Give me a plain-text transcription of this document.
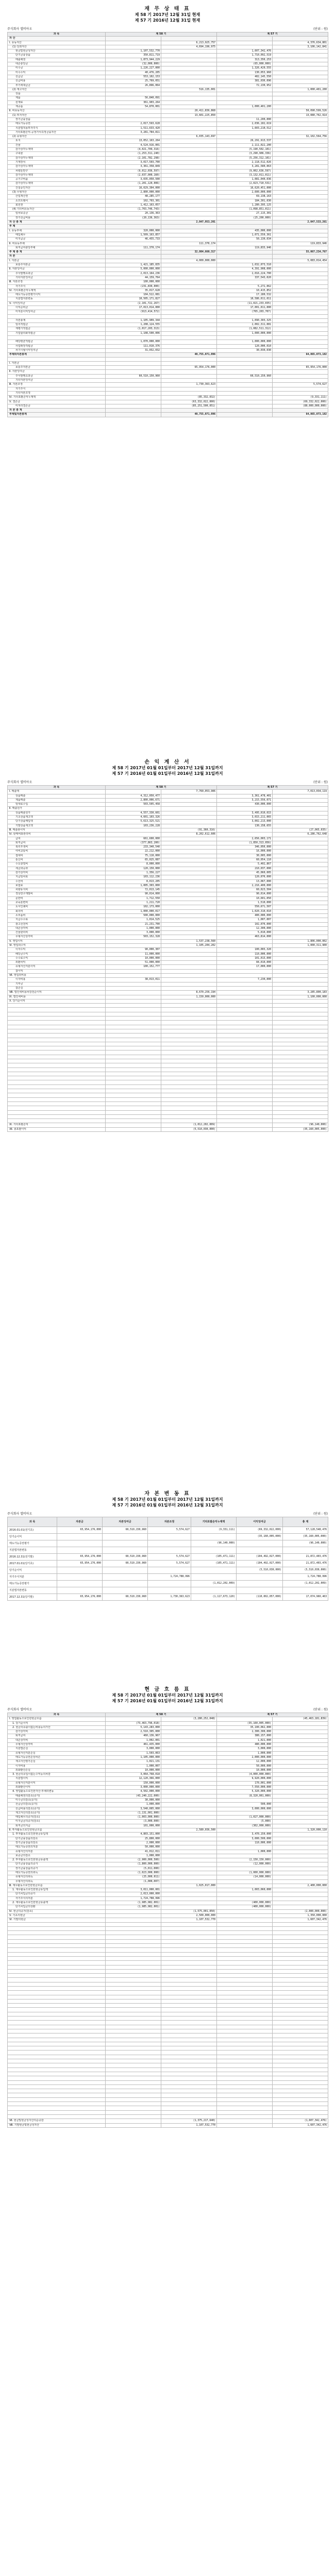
재 무 상 태 표
제 58 기 2017년 12월 31일 현재
제 57 기 2016년 12월 31일 현재
주식회사 엘비아오	(단위 : 원)
과 목	제 58 기		제 57 기	
자 산				
Ⅰ. 유동자산		6,213,925,757		4,376,634,801
(1) 당좌자산		4,694,196,975		3,106,142,841
현금및현금성자산	1,107,532,770		1,607,342,476	
단기금융상품	350,811,719		1,710,092,519	
매출채권	1,873,944,229		313,350,253	
대손충당금	(32,000,000)		(65,000,000)	
미수금	1,226,227,000		1,326,420,555	
미수수익	40,476,205		130,053,960	
선급금	553,102,153		402,145,550	
선급비용	25,769,051		381,030,096	
부가세대급금	26,896,064		72,130,952	
(2) 재고자산		516,135,001		1,000,401,200
상품				
제품	56,840,091			
원재료	361,903,264			
재공품	54,870,001		1,000,401,200	
Ⅱ. 비유동자산		20,411,836,868		50,090,599,526
(1) 투자자산		13,601,225,850		13,080,762,914
장기금융상품			11,200,000	
매도가능증권	2,017,593,628		2,036,102,619	
지분법적용투자주식	1,511,633,420		1,603,210,512	
기타포괄손익-공정가치측정금융자산	3,281,784,811			
(2) 유형자산		6,035,143,697		32,102,564,756
토지	13,052,163,264		26,291,913,537	
건물	4,524,916,001		2,111,022,200	
감가상각누계액	(4,021,709,316)		(5,190,502,101)	
구축물	(1,253,311,240)		(3,290,906,336)	
감가상각누계액	(2,101,782,298)		(5,256,312,101)	
기계장치	3,017,503,700		2,118,512,026	
감가상각누계액	3,361,358,849		3,281,580,063	
차량운반구	(9,012,036,597)		(9,002,636,597)	
감가상각누계액	(2,037,000,160)		(3,132,011,011)	
공기구비품	3,035,050,500		1,081,040,036	
감가상각누계액	(1,201,120,006)		(2,023,710,531)	
건설중인자산	16,029,304,000		16,620,451,000	
(3) 무형자산	2,800,000,000		2,600,000,000	
산업재산권	48,285,177		69,138,163	
소프트웨어	102,703,301		184,301,030	
회원권	1,412,163,057		1,280,395,125	
(4) 기타비유동자산	(1,703,746,743)		(1,098,851,011)	
임차보증금	20,136,363		27,115,301	
장기선급비용	(20,136,363)		(25,200,000)	
자 산 총 계		2,047,953,201		2,047,533,261
부 채				
Ⅰ. 유동부채	320,000,000		435,000,000	
매입채무	1,509,163,857		1,071,550,361	
미지급금	46,455,733		50,130,034	
Ⅱ. 비유동부채		111,370,174		119,833,946
퇴직급여충당부채	111,370,174		119,833,946	
부 채 총 계		32,804,660,317		55,067,234,767
자 본				
Ⅰ. 자본금		4,000,000,000		5,083,014,454
보통주자본금	1,421,185,835		1,032,073,510	
Ⅱ. 자본잉여금	5,000,000,000		4,391,908,000	
주식발행초과금	2,013,164,236		2,016,224,700	
기타자본잉여금	44,159,764		337,543,020	
Ⅲ. 자본조정	100,000,000			
자기주식	(231,830,000)		5,272,062	
Ⅳ. 기타포괄손익누계액	35,017,628		10,415,852	
매도가능증권평가이익	104,522,081		17,180,532	
지분법자본변동	10,505,171,827		10,586,011,011	
Ⅴ. 이익잉여금	(2,101,722,267)		(11,021,233,035)	
이익준비금	17,013,014,000		17,001,011,000	
미처분이익잉여금	(913,414,572)		(765,203,707)	

자본총계	1,105,909,344		1,090,303,325	
임의적립금	1,208,124,555		2,002,311,081	
재평가적립금	(1,017,203,313)		(1,082,511,312)	
기업합리화적립금	1,108,500,006		1,000,000,000	

배당평균적립금	1,070,000,000		1,000,000,000	
사업확장적립금	111,010,376		120,000,010	
차기이월이익잉여금	31,032,032		30,030,030	
부채와자본총계		40,755,071,096		64,865,073,182

Ⅰ. 자본금				
보통주자본금		65,954,176,000		65,954,176,000
Ⅱ. 자본잉여금				
주식발행초과금	60,510,150,960		60,510,150,960	
기타자본잉여금				
Ⅲ. 자본조정		1,730,363,623		5,574,627
자기주식				
기타자본조정				
Ⅳ. 기타포괄손익누계액		(85,332,032)		(9,331,111)
Ⅴ. 결손금		(63,332,022,000)		(69,332,022,000)
미처리결손금		(85,251,500,051)		(80,000,000,000)
자 본 총 계				
부채및자본총계		40,755,071,096		64,865,073,182
손 익 계 산 서
제 58 기 2017년 01월 01일부터 2017년 12월 31일까지
제 57 기 2016년 01월 01일부터 2016년 12월 31일까지
주식회사 엘비아오	(단위 : 원)
과 목	제 58 기		제 57 기	
Ⅰ. 매출액		7,760,053,906		7,013,034,119
상품매출	4,312,050,477		3,361,478,401	
제품매출	2,800,006,671		3,215,556,071	
임대료수입	503,505,458		430,000,000	
Ⅱ. 매출원가				
상품매출원가	4,557,330,601		3,495,010,015	
기초상품재고액	4,601,103,326		3,015,211,065	
당기상품매입액	5,613,325,521		3,002,213,000	
기말상품재고액	103,236,228		130,158,655	
Ⅲ. 매출총이익		(91,360,316)		(27,065,035)
Ⅳ. 판매비와관리비		8,202,612,606		6,286,762,648
급여	661,600,000		2,656,003,171	
퇴직급여	(377,863,200)		(1,850,313,056)	
복리후생비	233,340,540		346,050,000	
여비교통비	22,212,000		16,000,000	
접대비	75,110,000		30,005,000	
통신비	65,025,087		60,054,110	
수도광열비	8,000,000		5,402,867	
세금과공과	120,150,000		210,037,000	
감가상각비	1,356,227		45,060,005	
지급임차료	103,112,236		120,070,000	
수선비	8,013,205		13,067,000	
보험료	1,005,303,000		2,216,400,000	
차량유지비	72,013,145		60,023,504	
경상연구개발비	90,014,000		90,014,000	
운반비	1,712,550		10,601,050	
교육훈련비	1,211,720		1,510,000	
도서인쇄비	102,173,000		550,671,507	
회의비	1,000,000,017		1,020,310,010	
소모품비	500,000,000		400,000,000	
지급수수료	1,014,525		1,007,007	
광고선전비	21,231,700		102,070,000	
대손상각비	1,000,000		12,300,000	
건물관리비	3,000,000		5,010,000	
무형자산상각비	503,152,328		463,814,000	
Ⅴ. 영업이익		1,537,238,560		1,806,000,002
Ⅵ. 영업외수익		1,105,204,202		1,000,311,900
이자수익	90,000,307		100,003,320	
배당금수익	11,000,000		110,000,000	
수수료수익	10,000,000		101,013,000	
외환차익	51,000,000		84,010,000	
유형자산처분이익	100,152,777		17,000,000	
잡이익				
Ⅶ. 영업외비용				
이자비용	38,013,011		7,230,000	
기부금				
잡손실				
Ⅷ. 법인세비용차감전순이익		8,670,256,194		3,285,800,183
Ⅸ. 법인세비용		1,150,000,000		1,100,000,000
Ⅹ. 당기순이익				

Ⅺ. 기타포괄손익		(1,012,202,009)		(96,140,000)
Ⅻ. 총포괄이익		(5,510,030,000)		(35,160,005,000)
자 본 변 동 표
제 58 기 2017년 01월 01일부터 2017년 12월 31일까지
제 57 기 2016년 01월 01일부터 2016년 12월 31일까지
주식회사 엘비아오	(단위 : 원)
과 목	자본금	자본잉여금	자본조정	기타포괄손익누계액	이익잉여금	총 계
2016.01.01(전기초)	65,954,176,000	60,510,150,960	5,574,627	(9,331,111)	(69,332,022,000)	57,128,548,476
당기순이익					(35,160,005,000)	(35,160,005,000)
매도가능증권평가				(96,140,000)		(96,140,000)
지분법자본변동						
2016.12.31(전기말)	65,954,176,000	60,510,150,960	5,574,627	(105,471,111)	(104,492,027,000)	21,872,403,476
2017.01.01(당기초)	65,954,176,000	60,510,150,960	5,574,627	(105,471,111)	(104,492,027,000)	21,872,403,476
당기순이익					(5,510,030,000)	(5,510,030,000)
자기주식처분			1,724,788,996			1,724,788,996
매도가능증권평가				(1,012,202,009)		(1,012,202,009)
지분법자본변동						
2017.12.31(당기말)	65,954,176,000	60,510,150,960	1,730,363,623	(1,117,673,120)	(110,002,057,000)	17,074,960,463
현 금 흐 름 표
제 58 기 2017년 01월 01일부터 2017년 12월 31일까지
제 57 기 2016년 01월 01일부터 2016년 12월 31일까지
주식회사 엘비아오	(단위 : 원)
과 목	제 58 기		제 57 기	
Ⅰ. 영업활동으로인한현금흐름		(3,280,252,048)		(45,463,181,839)
1. 당기순이익	(73,463,796,018)		(35,160,005,000)	
2. 현금의유출이없는비용등의가산	5,143,283,000		35,100,062,000	
감가상각비	2,510,305,000		2,300,300,000	
퇴직급여	460,136,967		380,157,000	
대손상각비	1,002,001		1,021,000	
무형자산상각비	461,435,000		480,000,000	
지분법손실	3,000,000		3,000,000	
유형자산처분손실	1,503,063		1,000,000	
매도가능증권손상차손	1,105,000,000		2,000,000,000	
재고자산평가손실	1,021,131		12,000,000	
이자비용	1,000,007		50,000,000	
외화환산손실	10,000,000		10,000,000	
3. 현금의유입이없는수익등의차감	3,064,768,018		(4,000,000,000)	
지분법이익	12,120,366,000		9,920,000,000	
유형자산처분이익	150,000,000		170,001,000	
외화환산이익	3,000,000,000		7,550,000,000	
4. 영업활동으로인한자산·부채의변동	4,502,000,000		5,320,000,000	
매출채권의감소(증가)	(43,240,222,000)		(8,320,001,000)	
미수금의감소(증가)	30,000,000			
선급금의감소(증가)	1,000,000		500,000	
선급비용의감소(증가)	3,540,005,000		3,000,000,000	
재고자산의감소(증가)	(1,131,001,000)			
매입채무의증가(감소)	(1,003,000,000)		(1,027,000,000)	
미지급금의증가(감소)	(3,000,000)		(5,000)	
퇴직금의지급	101,000,000		(302,000,000)	
Ⅱ. 투자활동으로인한현금흐름		2,580,036,500		1,320,000,110
1. 투자활동으로인한현금유입액	4,803,151,000		3,470,150,000	
단기금융상품의감소	25,800,000		3,000,500,000	
장기금융상품의감소	2,000,000		110,000,000	
매도가능증권의처분	50,000,000			
유형자산의처분	41,012,011		1,000,000	
보증금의감소	1,000,000			
2. 투자활동으로인한현금유출액	(2,900,000,500)		(2,150,150,000)	
단기금융상품의증가	(1,800,000,000)		(12,000,000)	
장기금융상품의증가	(5,011,000)			
매도가능증권의취득	(1,023,000,000)		(1,000,000,000)	
유형자산의취득	(25,000,011)		(14,000,000)	
무형자산의취득	(1,000,007)			
Ⅲ. 재무활동으로인한현금흐름		1,025,017,000		2,400,000,000
1. 재무활동으로인한현금유입액	3,011,000,001		1,003,060,000	
단기차입금의증가	2,013,000,000			
자기주식의처분	1,724,788,996			
2. 재무활동으로인한현금유출액	(1,985,982,001)		(400,000,000)	
단기차입금의상환	(1,985,982,001)		(400,000,000)	
Ⅳ. 현금의증가(감소)		(1,575,001,050)		(2,000,000,000)
Ⅴ. 기초의현금		2,500,000,000		1,350,000,000
Ⅵ. 기말의현금		1,107,532,770		1,607,342,476

Ⅶ. 현금및현금성자산의순증감		(1,375,217,640)		(1,607,342,476)
Ⅷ. 기말현금및현금성자산		1,107,532,770		1,607,342,476
